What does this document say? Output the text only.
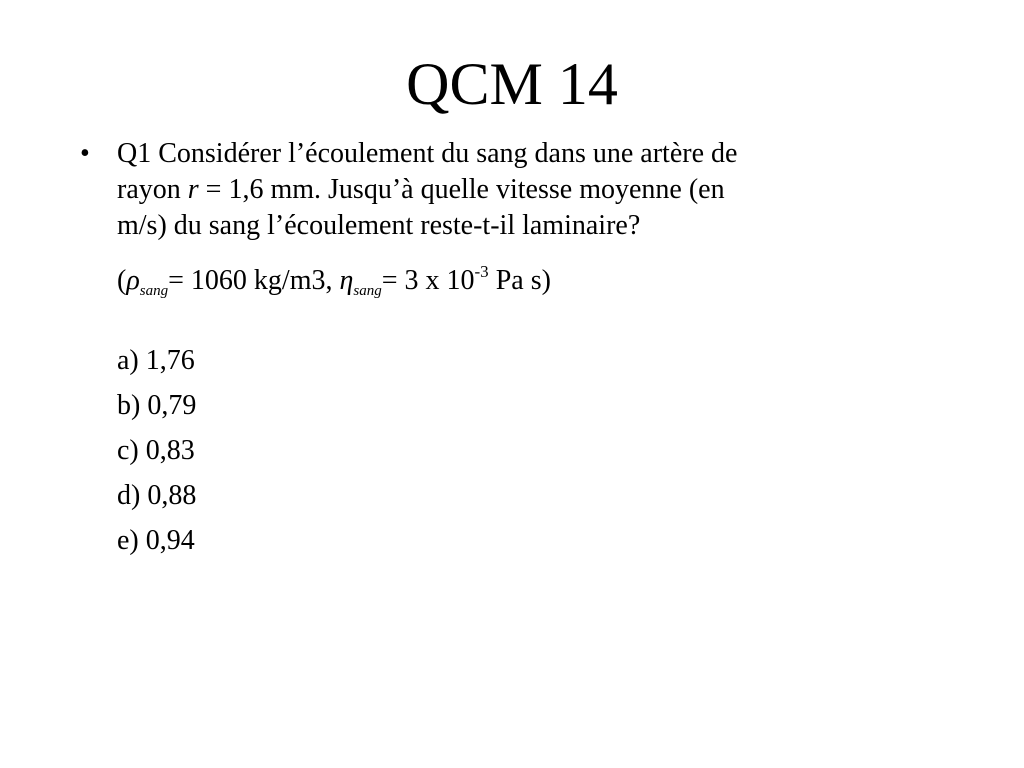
QCM 14
• Q1 Considérer l’écoulement du sang dans une artère de
rayon r = 1,6 mm. Jusqu’à quelle vitesse moyenne (en
m/s) du sang l’écoulement reste-t-il laminaire?
($\rho_{sang}= 1060$ kg/m3, $\eta_{sang}= 3$ x $10^{-3}$ Pa s)
a) 1,76
b) 0,79
c) 0,83
d) 0,88
e) 0,94
